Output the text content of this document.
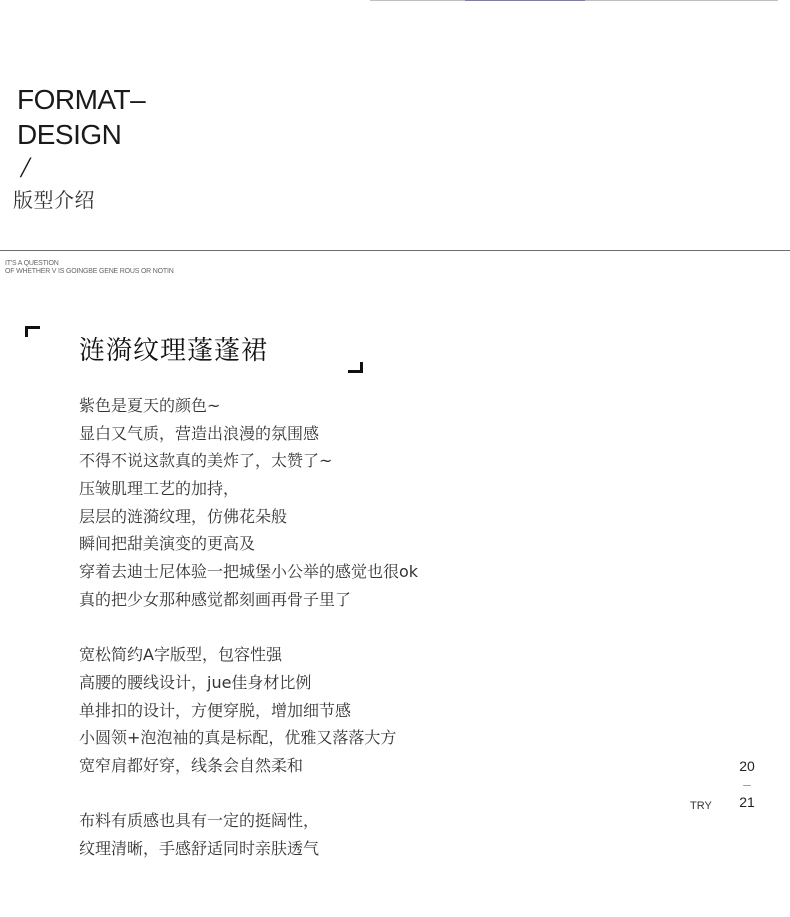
FORMAT–
DESIGN
/
版型介绍
IT'S A QUESTION
OF WHETHER V IS GOINGBE GENE ROUS OR NOTIN
涟漪纹理蓬蓬裙
紫色是夏天的颜色~
显白又气质，营造出浪漫的氛围感
不得不说这款真的美炸了，太赞了~
压皱肌理工艺的加持，
层层的涟漪纹理，仿佛花朵般
瞬间把甜美演变的更高及
穿着去迪士尼体验一把城堡小公举的感觉也很ok
真的把少女那种感觉都刻画再骨子里了
宽松简约A字版型，包容性强
高腰的腰线设计，jue佳身材比例
单排扣的设计，方便穿脱，增加细节感
小圆领+泡泡袖的真是标配，优雅又落落大方
宽窄肩都好穿，线条会自然柔和
布料有质感也具有一定的挺阔性，
纹理清晰，手感舒适同时亲肤透气
20
–
21
TRY
